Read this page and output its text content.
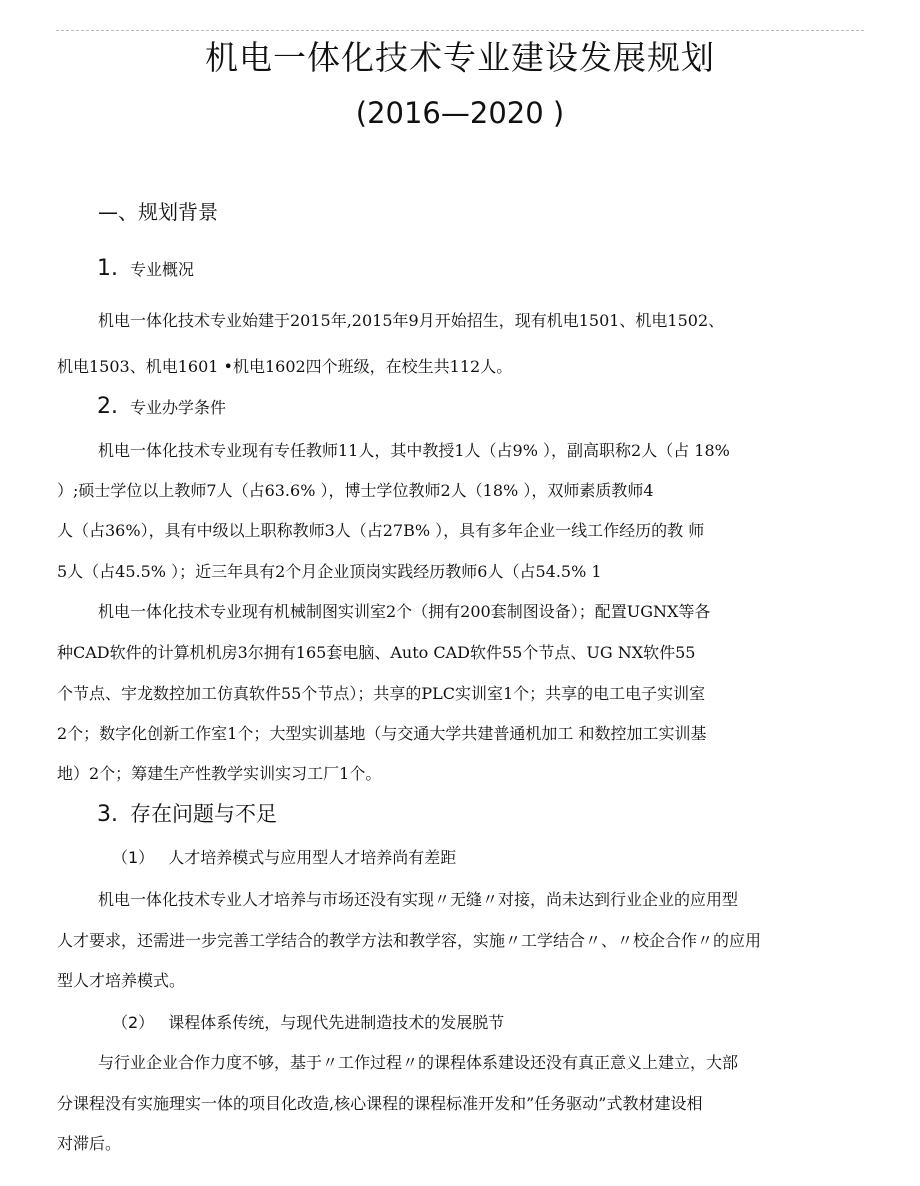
机电一体化技术专业建设发展规划
(2016—2020 )
—、规划背景
1. 专业概况
机电一体化技术专业始建于2015年,2015年9月开始招生，现有机电1501、机电1502、
机电1503、机电1601 •机电1602四个班级，在校生共112人。
2. 专业办学条件
机电一体化技术专业现有专任教师11人，其中教授1人（占9% ），副高职称2人（占 18%
）;硕士学位以上教师7人（占63.6% ），博士学位教师2人（18% ），双师素质教师4
人（占36%），具有中级以上职称教师3人（占27B% ），具有多年企业一线工作经历的教 师
5人（占45.5% ）；近三年具有2个月企业顶岗实践经历教师6人（占54.5% 1
机电一体化技术专业现有机械制图实训室2个（拥有200套制图设备）；配置UGNX等各
种CAD软件的计算机机房3尔拥有165套电脑、Auto CAD软件55个节点、UG NX软件55
个节点、宇龙数控加工仿真软件55个节点）；共享的PLC实训室1个；共享的电工电子实训室
2个；数字化创新工作室1个；大型实训基地（与交通大学共建普通机加工 和数控加工实训基
地）2个；筹建生产性教学实训实习工厂1个。
3. 存在问题与不足
（1） 人才培养模式与应用型人才培养尚有差距
机电一体化技术专业人才培养与市场还没有实现〃无缝〃对接，尚未达到行业企业的应用型
人才要求，还需进一步完善工学结合的教学方法和教学容，实施〃工学结合〃、〃校企合作〃的应用
型人才培养模式。
（2） 课程体系传统，与现代先进制造技术的发展脱节
与行业企业合作力度不够，基于〃工作过程〃的课程体系建设还没有真正意义上建立，大部
分课程没有实施理实一体的项目化改造,核心课程的课程标准开发和”任务驱动”式教材建设相
对滞后。
